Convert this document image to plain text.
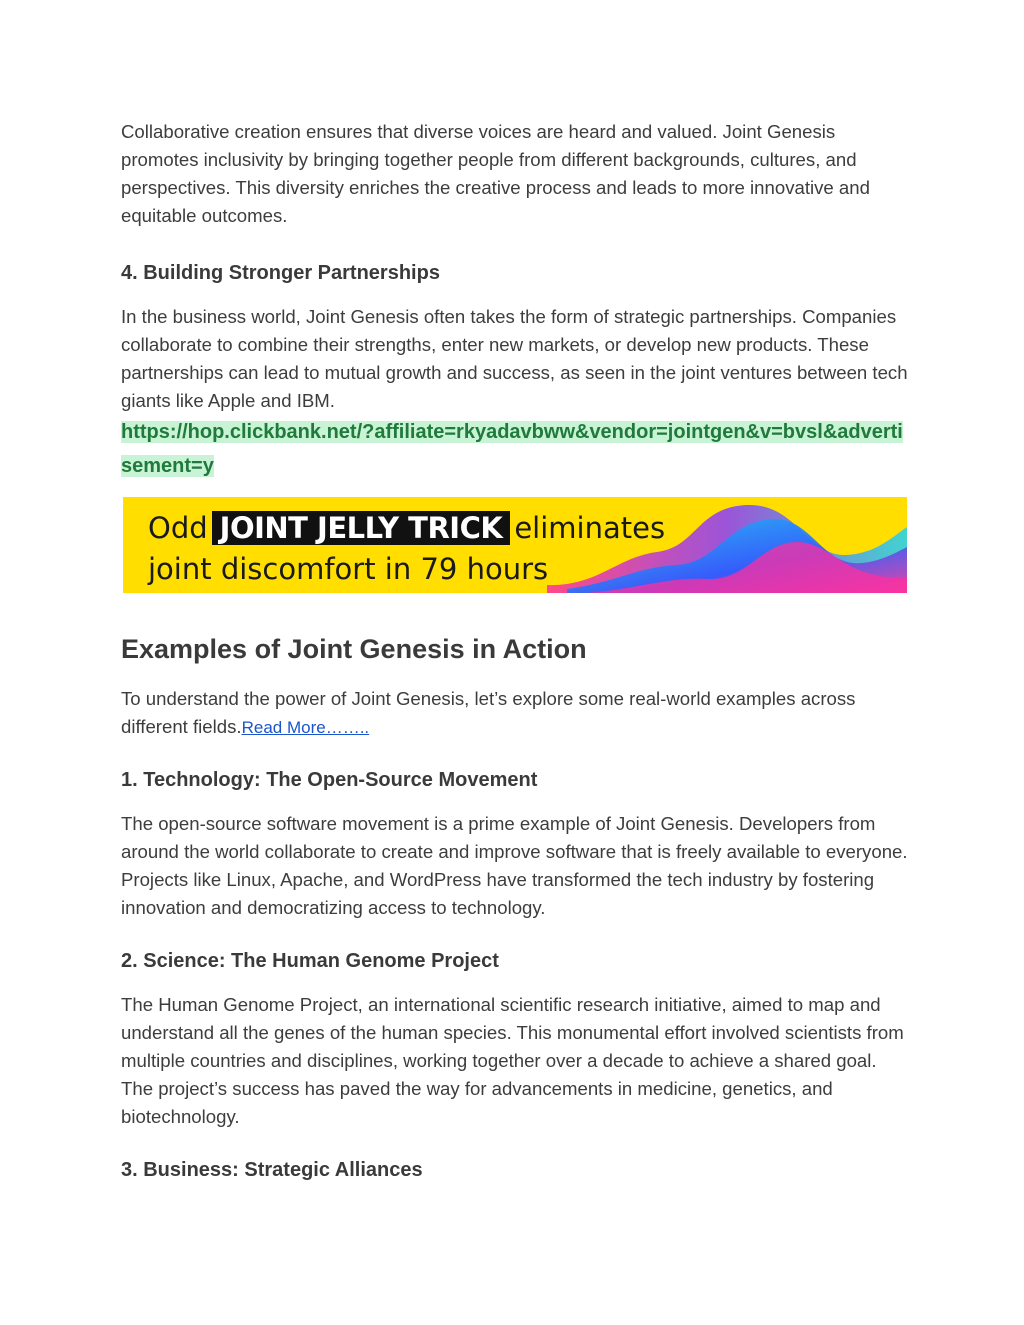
Collaborative creation ensures that diverse voices are heard and valued. Joint Genesis promotes inclusivity by bringing together people from different backgrounds, cultures, and perspectives. This diversity enriches the creative process and leads to more innovative and equitable outcomes.

4. Building Stronger Partnerships

In the business world, Joint Genesis often takes the form of strategic partnerships. Companies collaborate to combine their strengths, enter new markets, or develop new products. These partnerships can lead to mutual growth and success, as seen in the joint ventures between tech giants like Apple and IBM.

https://hop.clickbank.net/?affiliate=rkyadavbww&vendor=jointgen&v=bvsl&advertisement=y
Odd JOINT JELLY TRICK eliminates
joint discomfort in 79 hours
Examples of Joint Genesis in Action

To understand the power of Joint Genesis, let’s explore some real-world examples across different fields.Read More……..

1. Technology: The Open-Source Movement

The open-source software movement is a prime example of Joint Genesis. Developers from around the world collaborate to create and improve software that is freely available to everyone. Projects like Linux, Apache, and WordPress have transformed the tech industry by fostering innovation and democratizing access to technology.

2. Science: The Human Genome Project

The Human Genome Project, an international scientific research initiative, aimed to map and understand all the genes of the human species. This monumental effort involved scientists from multiple countries and disciplines, working together over a decade to achieve a shared goal. The project’s success has paved the way for advancements in medicine, genetics, and biotechnology.

3. Business: Strategic Alliances
